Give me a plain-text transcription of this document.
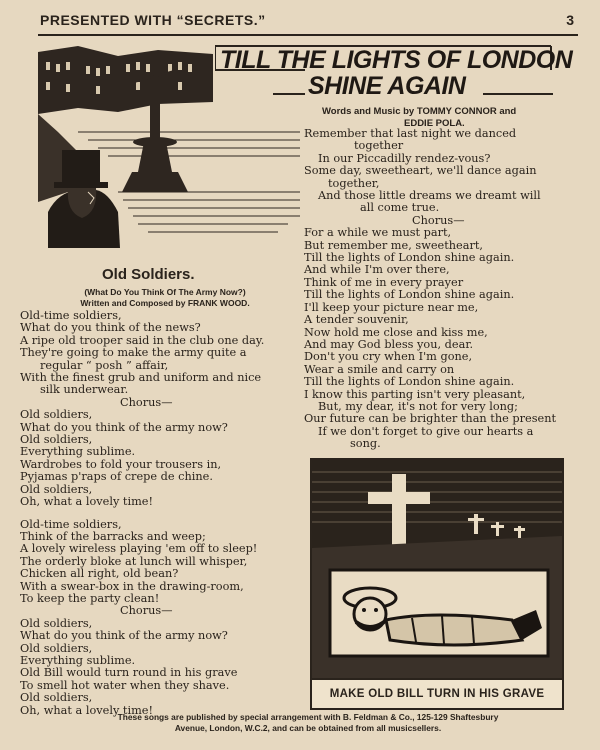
PRESENTED WITH “SECRETS.”	3
TILL THE LIGHTS OF LONDON
SHINE AGAIN
Words and Music by TOMMY CONNOR and
EDDIE POLA.
Remember that last night we danced
together
In our Piccadilly rendez-vous?
Some day, sweetheart, we'll dance again
together,
And those little dreams we dreamt will
all come true.
Chorus—
For a while we must part,
But remember me, sweetheart,
Till the lights of London shine again.
And while I'm over there,
Think of me in every prayer
Till the lights of London shine again.
I'll keep your picture near me,
A tender souvenir,
Now hold me close and kiss me,
And may God bless you, dear.
Don't you cry when I'm gone,
Wear a smile and carry on
Till the lights of London shine again.
I know this parting isn't very pleasant,
But, my dear, it's not for very long;
Our future can be brighter than the present
If we don't forget to give our hearts a
song.
Old Soldiers.
(What Do You Think Of The Army Now?)
Written and Composed by FRANK WOOD.
Old-time soldiers,
What do you think of the news?
A ripe old trooper said in the club one day.
They're going to make the army quite a
regular “ posh ” affair,
With the finest grub and uniform and nice
silk underwear.
Chorus—
Old soldiers,
What do you think of the army now?
Old soldiers,
Everything sublime.
Wardrobes to fold your trousers in,
Pyjamas p'raps of crepe de chine.
Old soldiers,
Oh, what a lovely time!
Old-time soldiers,
Think of the barracks and weep;
A lovely wireless playing 'em off to sleep!
The orderly bloke at lunch will whisper,
Chicken all right, old bean?
With a swear-box in the drawing-room,
To keep the party clean!
Chorus—
Old soldiers,
What do you think of the army now?
Old soldiers,
Everything sublime.
Old Bill would turn round in his grave
To smell hot water when they shave.
Old soldiers,
Oh, what a lovely time!
MAKE OLD BILL TURN IN HIS GRAVE
These songs are published by special arrangement with B. Feldman & Co., 125-129 Shaftesbury
Avenue, London, W.C.2, and can be obtained from all musicsellers.
